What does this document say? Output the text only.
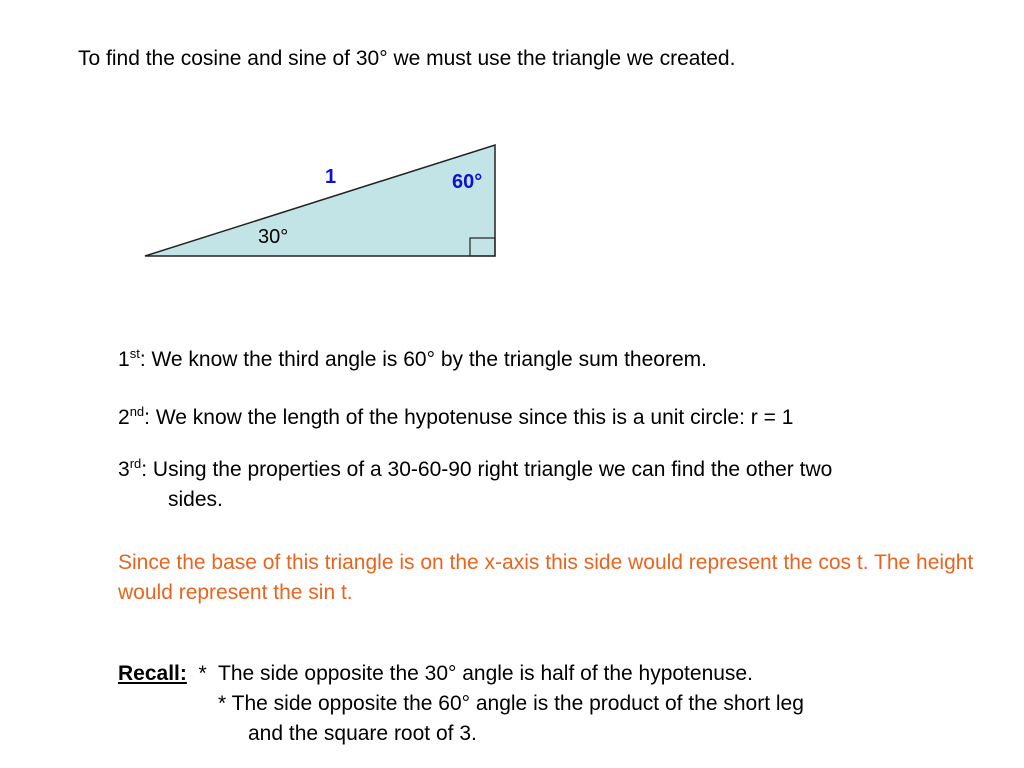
To find the cosine and sine of 30° we must use the triangle we created.
1	60°
30°
1st: We know the third angle is 60° by the triangle sum theorem.
2nd: We know the length of the hypotenuse since this is a unit circle: r = 1
3rd: Using the properties of a 30-60-90 right triangle we can find the other two
sides.
Since the base of this triangle is on the x-axis this side would represent the cos t. The height would represent the sin t.
Recall:  *  The side opposite the 30° angle is half of the hypotenuse.
* The side opposite the 60° angle is the product of the short leg
and the square root of 3.
